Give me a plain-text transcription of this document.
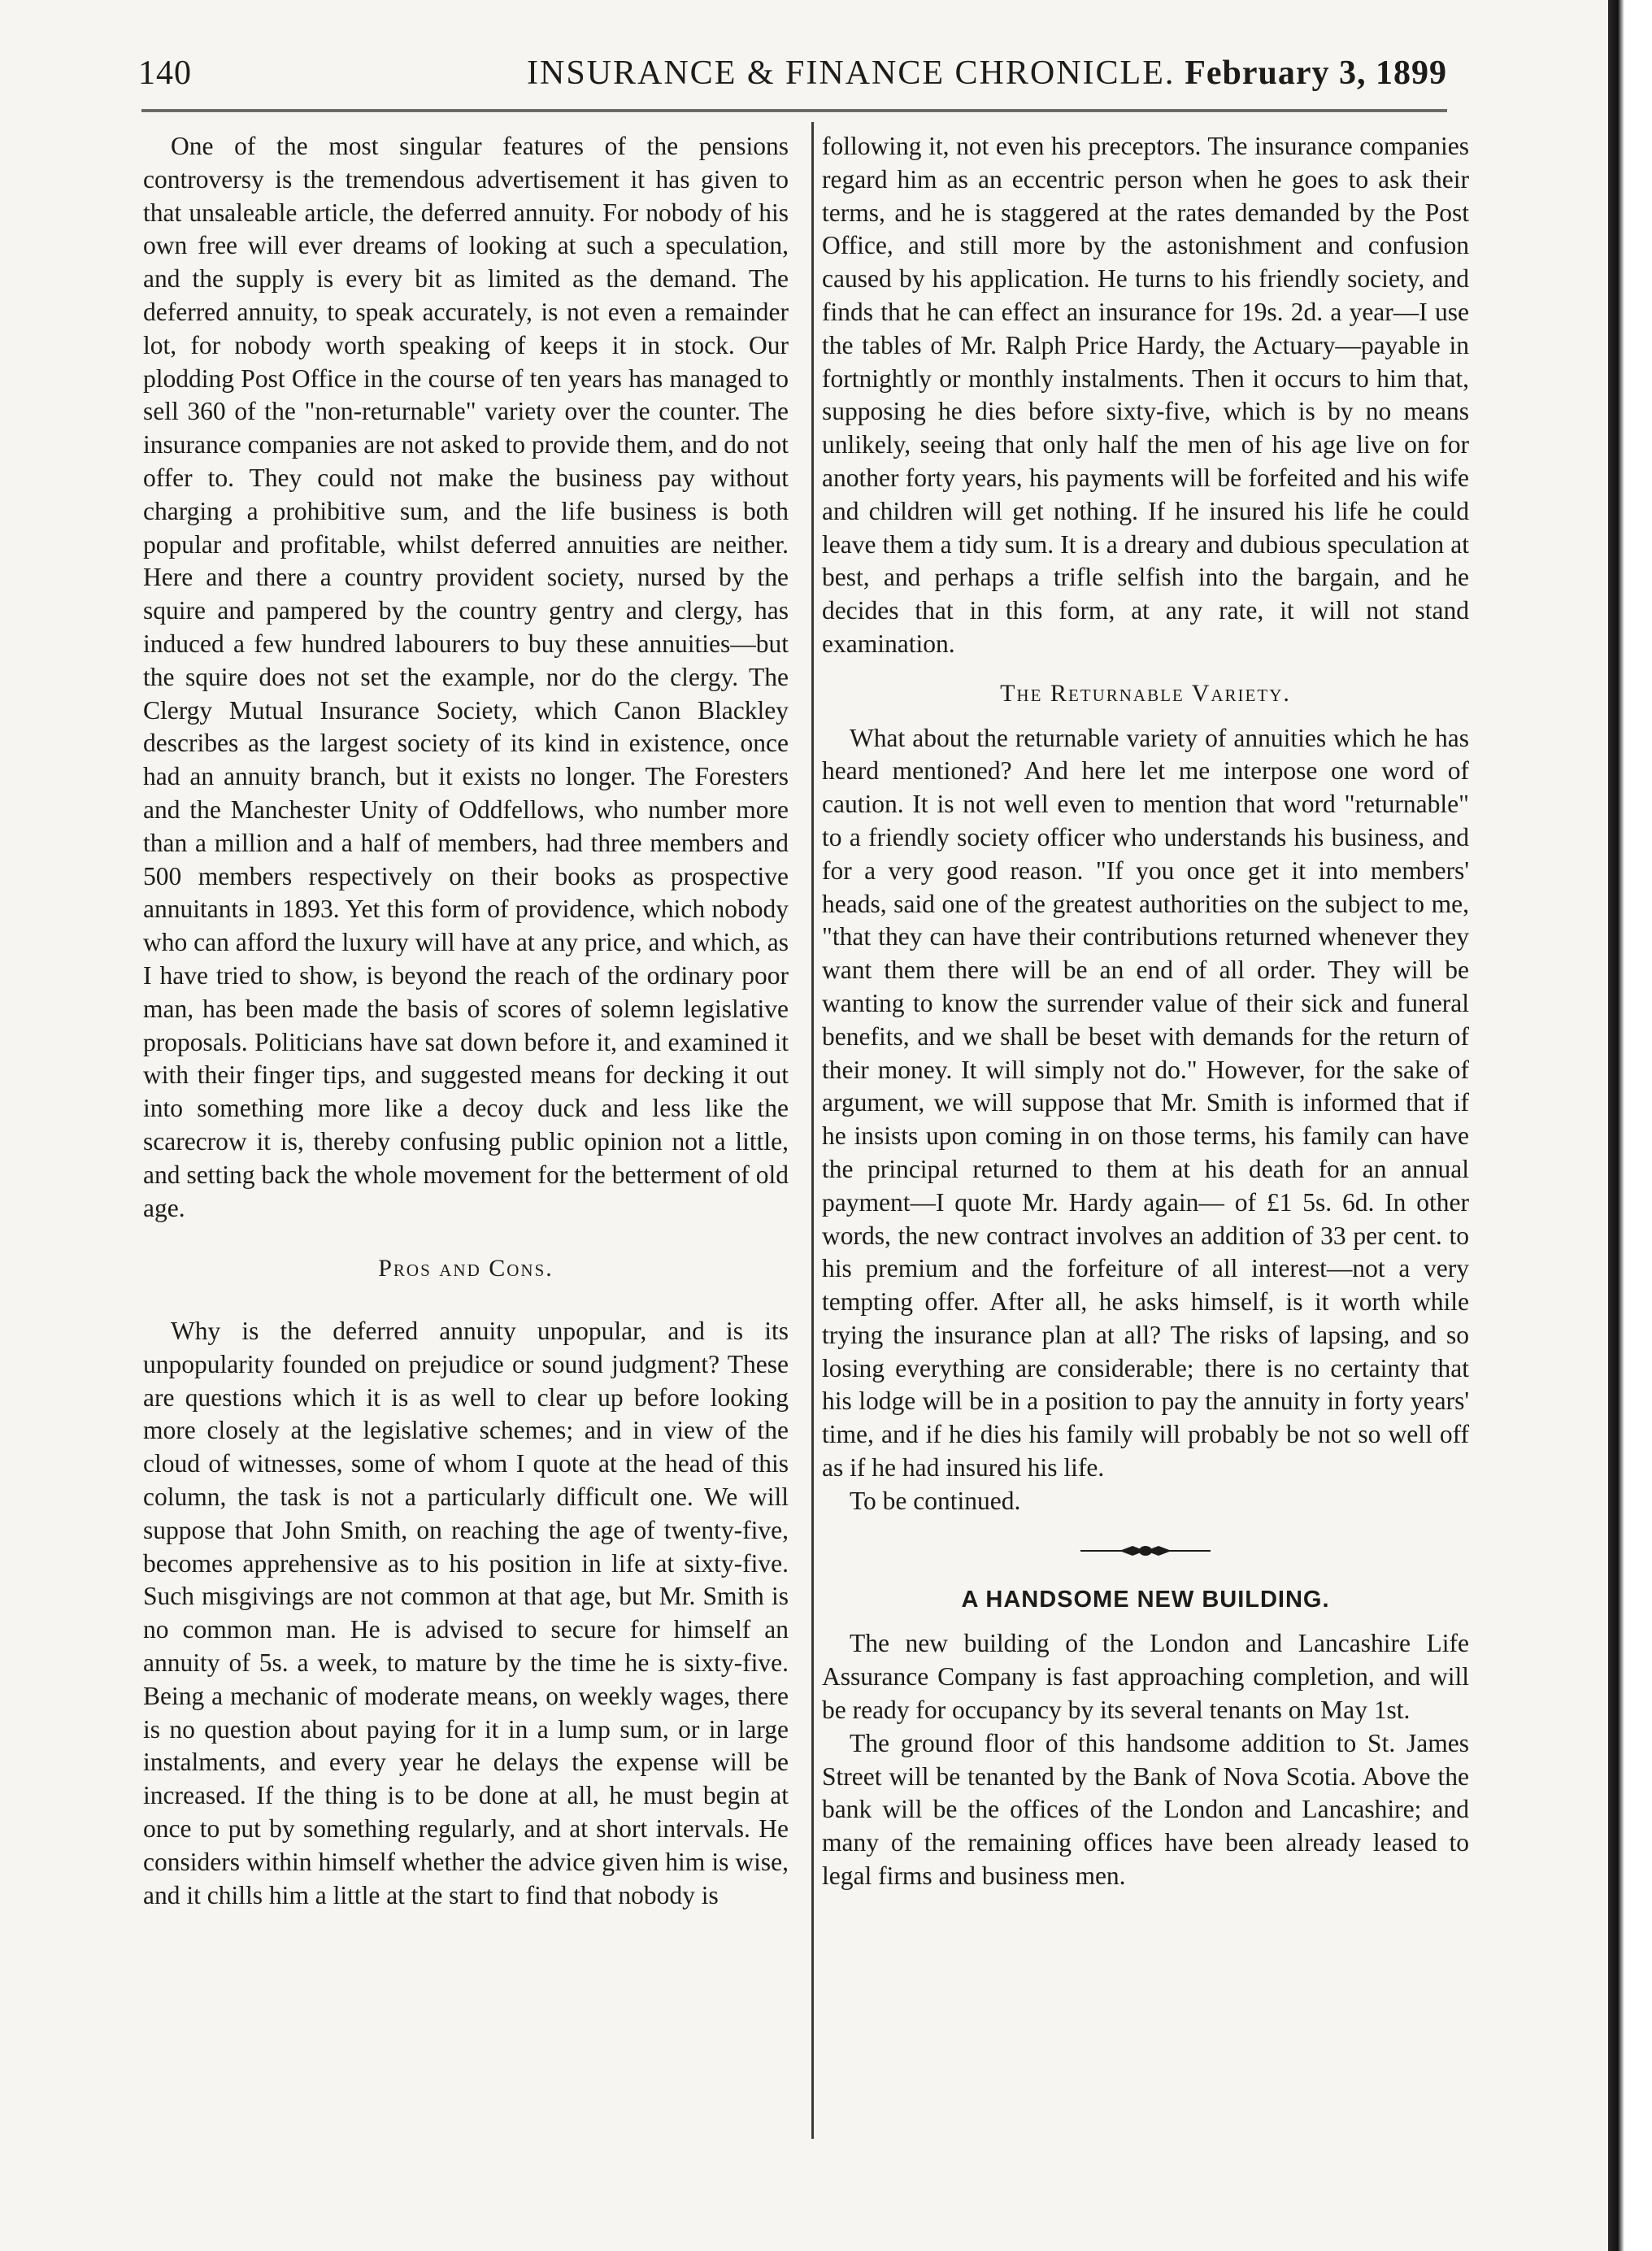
140	INSURANCE & FINANCE CHRONICLE. February 3, 1899

One of the most singular features of the pensions controversy is the tremendous advertisement it has given to that unsaleable article, the deferred annuity. For nobody of his own free will ever dreams of looking at such a speculation, and the supply is every bit as limited as the demand. The deferred annuity, to speak accurately, is not even a remainder lot, for nobody worth speaking of keeps it in stock. Our plodding Post Office in the course of ten years has managed to sell 360 of the "non-returnable" variety over the counter. The insurance companies are not asked to provide them, and do not offer to. They could not make the business pay without charging a prohibitive sum, and the life business is both popular and profitable, whilst deferred annuities are neither. Here and there a country provident society, nursed by the squire and pampered by the country gentry and clergy, has induced a few hundred labourers to buy these annuities—but the squire does not set the example, nor do the clergy. The Clergy Mutual Insurance Society, which Canon Blackley describes as the largest society of its kind in existence, once had an annuity branch, but it exists no longer. The Foresters and the Manchester Unity of Oddfellows, who number more than a million and a half of members, had three members and 500 members respectively on their books as prospective annuitants in 1893. Yet this form of providence, which nobody who can afford the luxury will have at any price, and which, as I have tried to show, is beyond the reach of the ordinary poor man, has been made the basis of scores of solemn legislative proposals. Politicians have sat down before it, and examined it with their finger tips, and suggested means for decking it out into something more like a decoy duck and less like the scarecrow it is, thereby confusing public opinion not a little, and setting back the whole movement for the betterment of old age.

Pros and Cons.

Why is the deferred annuity unpopular, and is its unpopularity founded on prejudice or sound judgment? These are questions which it is as well to clear up before looking more closely at the legislative schemes; and in view of the cloud of witnesses, some of whom I quote at the head of this column, the task is not a particularly difficult one. We will suppose that John Smith, on reaching the age of twenty-five, becomes apprehensive as to his position in life at sixty-five. Such misgivings are not common at that age, but Mr. Smith is no common man. He is advised to secure for himself an annuity of 5s. a week, to mature by the time he is sixty-five. Being a mechanic of moderate means, on weekly wages, there is no question about paying for it in a lump sum, or in large instalments, and every year he delays the expense will be increased. If the thing is to be done at all, he must begin at once to put by something regularly, and at short intervals. He considers within himself whether the advice given him is wise, and it chills him a little at the start to find that nobody is

following it, not even his preceptors. The insurance companies regard him as an eccentric person when he goes to ask their terms, and he is staggered at the rates demanded by the Post Office, and still more by the astonishment and confusion caused by his application. He turns to his friendly society, and finds that he can effect an insurance for 19s. 2d. a year—I use the tables of Mr. Ralph Price Hardy, the Actuary—payable in fortnightly or monthly instalments. Then it occurs to him that, supposing he dies before sixty-five, which is by no means unlikely, seeing that only half the men of his age live on for another forty years, his payments will be forfeited and his wife and children will get nothing. If he insured his life he could leave them a tidy sum. It is a dreary and dubious speculation at best, and perhaps a trifle selfish into the bargain, and he decides that in this form, at any rate, it will not stand examination.

The Returnable Variety.

What about the returnable variety of annuities which he has heard mentioned? And here let me interpose one word of caution. It is not well even to mention that word "returnable" to a friendly society officer who understands his business, and for a very good reason. "If you once get it into members' heads, said one of the greatest authorities on the subject to me, "that they can have their contributions returned whenever they want them there will be an end of all order. They will be wanting to know the surrender value of their sick and funeral benefits, and we shall be beset with demands for the return of their money. It will simply not do." However, for the sake of argument, we will suppose that Mr. Smith is informed that if he insists upon coming in on those terms, his family can have the principal returned to them at his death for an annual payment—I quote Mr. Hardy again— of £1 5s. 6d. In other words, the new contract involves an addition of 33 per cent. to his premium and the forfeiture of all interest—not a very tempting offer. After all, he asks himself, is it worth while trying the insurance plan at all? The risks of lapsing, and so losing everything are considerable; there is no certainty that his lodge will be in a position to pay the annuity in forty years' time, and if he dies his family will probably be not so well off as if he had insured his life.

To be continued.

A HANDSOME NEW BUILDING.

The new building of the London and Lancashire Life Assurance Company is fast approaching completion, and will be ready for occupancy by its several tenants on May 1st.

The ground floor of this handsome addition to St. James Street will be tenanted by the Bank of Nova Scotia. Above the bank will be the offices of the London and Lancashire; and many of the remaining offices have been already leased to legal firms and business men.
